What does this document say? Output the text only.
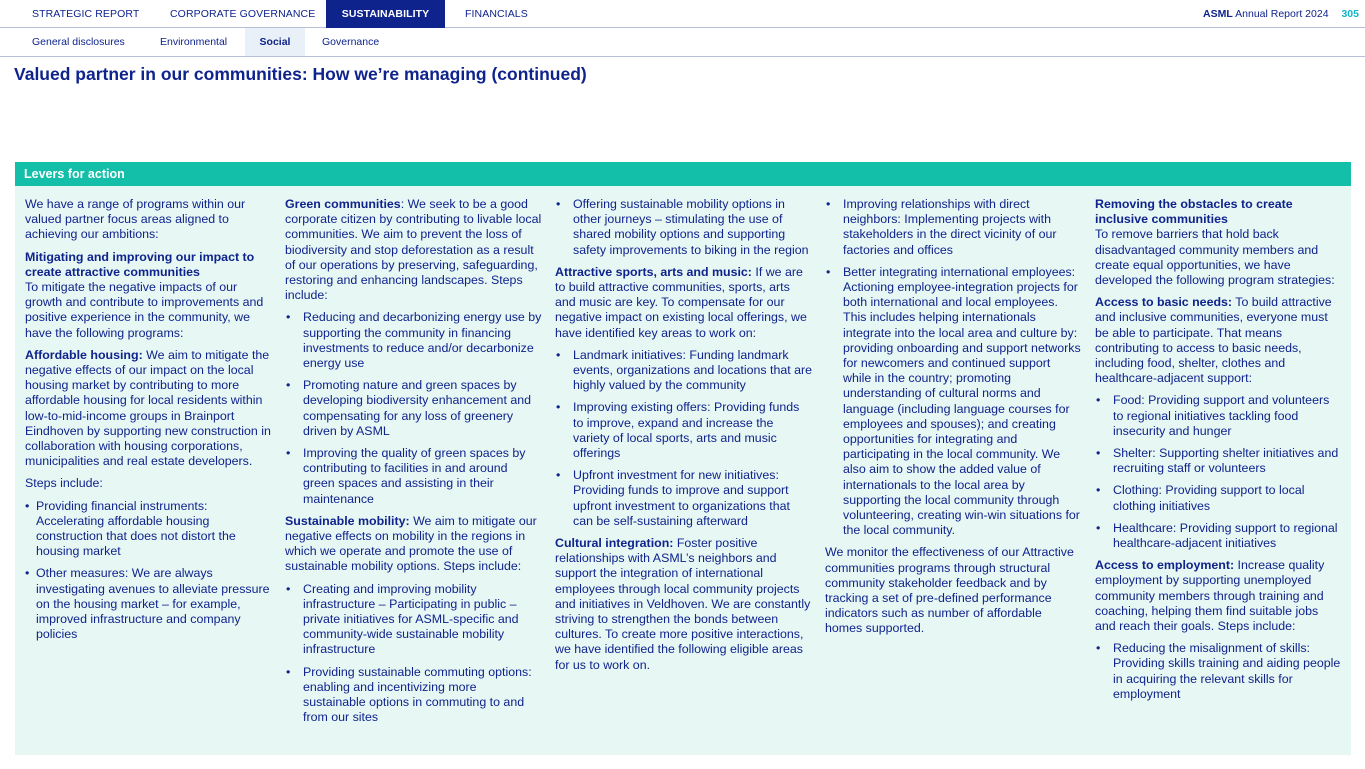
STRATEGIC REPORT	CORPORATE GOVERNANCE	SUSTAINABILITY	FINANCIALS	ASML Annual Report 2024 305
General disclosures	Environmental	Social	Governance
Valued partner in our communities: How we’re managing (continued)
Levers for action

We have a range of programs within our valued partner focus areas aligned to achieving our ambitions:

Mitigating and improving our impact to create attractive communities

To mitigate the negative impacts of our growth and contribute to improvements and positive experience in the community, we have the following programs:

Affordable housing: We aim to mitigate the negative effects of our impact on the local housing market by contributing to more affordable housing for local residents within low-to-mid-income groups in Brainport Eindhoven by supporting new construction in collaboration with housing corporations, municipalities and real estate developers.

Steps include:

• Providing financial instruments: Accelerating affordable housing construction that does not distort the housing market
• Other measures: We are always investigating avenues to alleviate pressure on the housing market – for example, improved infrastructure and company policies

Green communities: We seek to be a good corporate citizen by contributing to livable local communities. We aim to prevent the loss of biodiversity and stop deforestation as a result of our operations by preserving, safeguarding, restoring and enhancing landscapes. Steps include:

• Reducing and decarbonizing energy use by supporting the community in financing investments to reduce and/or decarbonize energy use
• Promoting nature and green spaces by developing biodiversity enhancement and compensating for any loss of greenery driven by ASML
• Improving the quality of green spaces by contributing to facilities in and around green spaces and assisting in their maintenance

Sustainable mobility: We aim to mitigate our negative effects on mobility in the regions in which we operate and promote the use of sustainable mobility options. Steps include:

• Creating and improving mobility infrastructure – Participating in public – private initiatives for ASML-specific and community-wide sustainable mobility infrastructure
• Providing sustainable commuting options: enabling and incentivizing more sustainable options in commuting to and from our sites
• Offering sustainable mobility options in other journeys – stimulating the use of shared mobility options and supporting safety improvements to biking in the region

Attractive sports, arts and music: If we are to build attractive communities, sports, arts and music are key. To compensate for our negative impact on existing local offerings, we have identified key areas to work on:

• Landmark initiatives: Funding landmark events, organizations and locations that are highly valued by the community
• Improving existing offers: Providing funds to improve, expand and increase the variety of local sports, arts and music offerings
• Upfront investment for new initiatives: Providing funds to improve and support upfront investment to organizations that can be self-sustaining afterward

Cultural integration: Foster positive relationships with ASML’s neighbors and support the integration of international employees through local community projects and initiatives in Veldhoven. We are constantly striving to strengthen the bonds between cultures. To create more positive interactions, we have identified the following eligible areas for us to work on.

• Improving relationships with direct neighbors: Implementing projects with stakeholders in the direct vicinity of our factories and offices
• Better integrating international employees: Actioning employee-integration projects for both international and local employees. This includes helping internationals integrate into the local area and culture by: providing onboarding and support networks for newcomers and continued support while in the country; promoting understanding of cultural norms and language (including language courses for employees and spouses); and creating opportunities for integrating and participating in the local community. We also aim to show the added value of internationals to the local area by supporting the local community through volunteering, creating win-win situations for the local community.

We monitor the effectiveness of our Attractive communities programs through structural community stakeholder feedback and by tracking a set of pre-defined performance indicators such as number of affordable homes supported.

Removing the obstacles to create inclusive communities

To remove barriers that hold back disadvantaged community members and create equal opportunities, we have developed the following program strategies:

Access to basic needs: To build attractive and inclusive communities, everyone must be able to participate. That means contributing to access to basic needs, including food, shelter, clothes and healthcare-adjacent support:

• Food: Providing support and volunteers to regional initiatives tackling food insecurity and hunger
• Shelter: Supporting shelter initiatives and recruiting staff or volunteers
• Clothing: Providing support to local clothing initiatives
• Healthcare: Providing support to regional healthcare-adjacent initiatives

Access to employment: Increase quality employment by supporting unemployed community members through training and coaching, helping them find suitable jobs and reach their goals. Steps include:

• Reducing the misalignment of skills: Providing skills training and aiding people in acquiring the relevant skills for employment
